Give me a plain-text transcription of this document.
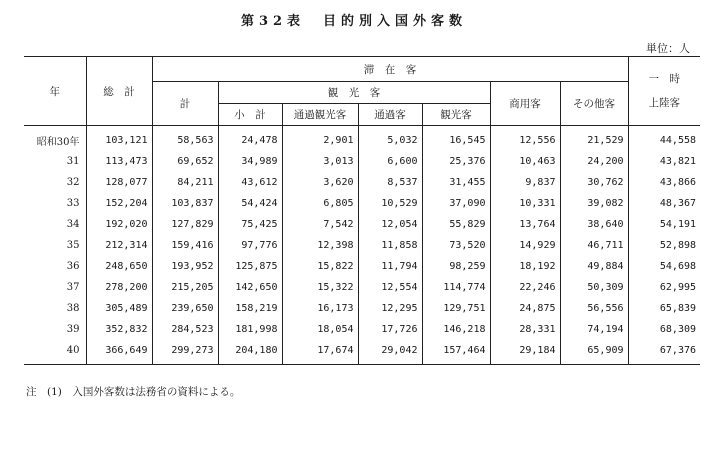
第32表　目的別入国外客数
単位：人
年	総　計	滞　在　客							一　時
上陸客

		計	観　光　客				商用客	その他客	
			小　計	通過観光客	通過客	観光客			
昭和30年	103,121	58,563	24,478	2,901	5,032	16,545	12,556	21,529	44,558
31	113,473	69,652	34,989	3,013	6,600	25,376	10,463	24,200	43,821
32	128,077	84,211	43,612	3,620	8,537	31,455	9,837	30,762	43,866
33	152,204	103,837	54,424	6,805	10,529	37,090	10,331	39,082	48,367
34	192,020	127,829	75,425	7,542	12,054	55,829	13,764	38,640	54,191
35	212,314	159,416	97,776	12,398	11,858	73,520	14,929	46,711	52,898
36	248,650	193,952	125,875	15,822	11,794	98,259	18,192	49,884	54,698
37	278,200	215,205	142,650	15,322	12,554	114,774	22,246	50,309	62,995
38	305,489	239,650	158,219	16,173	12,295	129,751	24,875	56,556	65,839
39	352,832	284,523	181,998	18,054	17,726	146,218	28,331	74,194	68,309
40	366,649	299,273	204,180	17,674	29,042	157,464	29,184	65,909	67,376
注　(1)　入国外客数は法務省の資料による。
